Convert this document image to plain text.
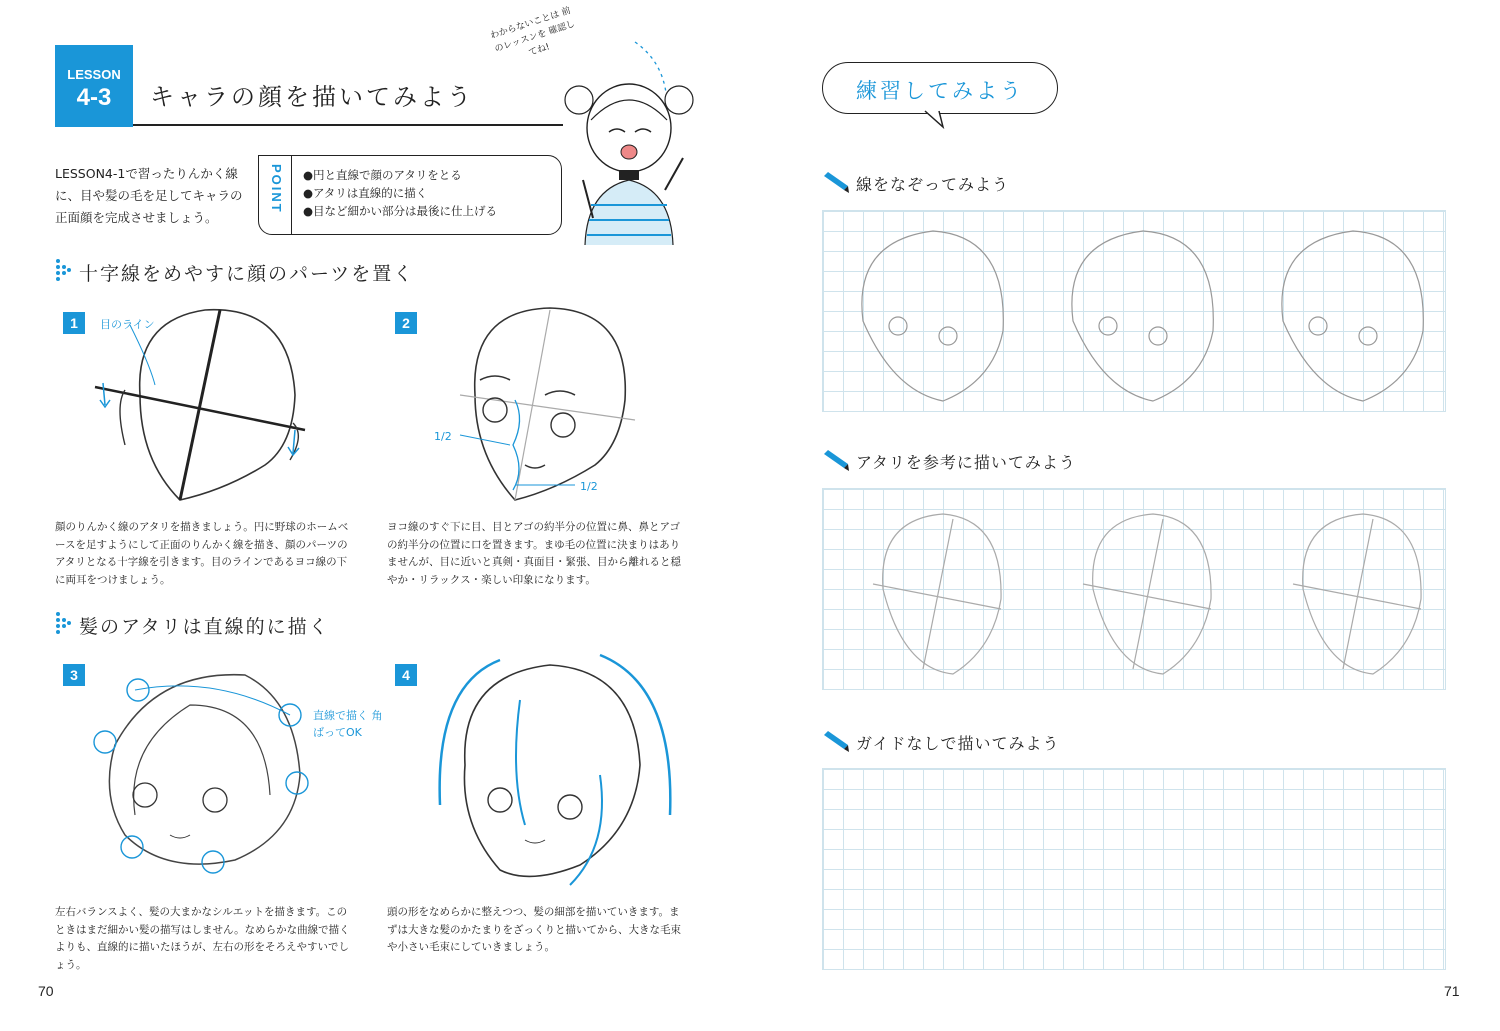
LESSON
4-3	キャラの顔を描いてみよう
わからないことは 前のレッスンを 確認してね!
LESSON4-1で習ったりんかく線に、目や髪の毛を足してキャラの正面顔を完成させましょう。
POINT ●円と直線で顔のアタリをとる
●アタリは直線的に描く
●目など細かい部分は最後に仕上げる
十字線をめやすに顔のパーツを置く
1	目のライン
顔のりんかく線のアタリを描きましょう。円に野球のホームベースを足すようにして正面のりんかく線を描き、顔のパーツのアタリとなる十字線を引きます。目のラインであるヨコ線の下に両耳をつけましょう。
2
1/2
1/2
ヨコ線のすぐ下に目、目とアゴの約半分の位置に鼻、鼻とアゴの約半分の位置に口を置きます。まゆ毛の位置に決まりはありませんが、目に近いと真剣・真面目・緊張、目から離れると穏やか・リラックス・楽しい印象になります。
髪のアタリは直線的に描く
3
直線で描く 角ばってOK
左右バランスよく、髪の大まかなシルエットを描きます。このときはまだ細かい髪の描写はしません。なめらかな曲線で描くよりも、直線的に描いたほうが、左右の形をそろえやすいでしょう。
4
頭の形をなめらかに整えつつ、髪の細部を描いていきます。まずは大きな髪のかたまりをざっくりと描いてから、大きな毛束や小さい毛束にしていきましょう。
70
練習してみよう
線をなぞってみよう
アタリを参考に描いてみよう
ガイドなしで描いてみよう
71
